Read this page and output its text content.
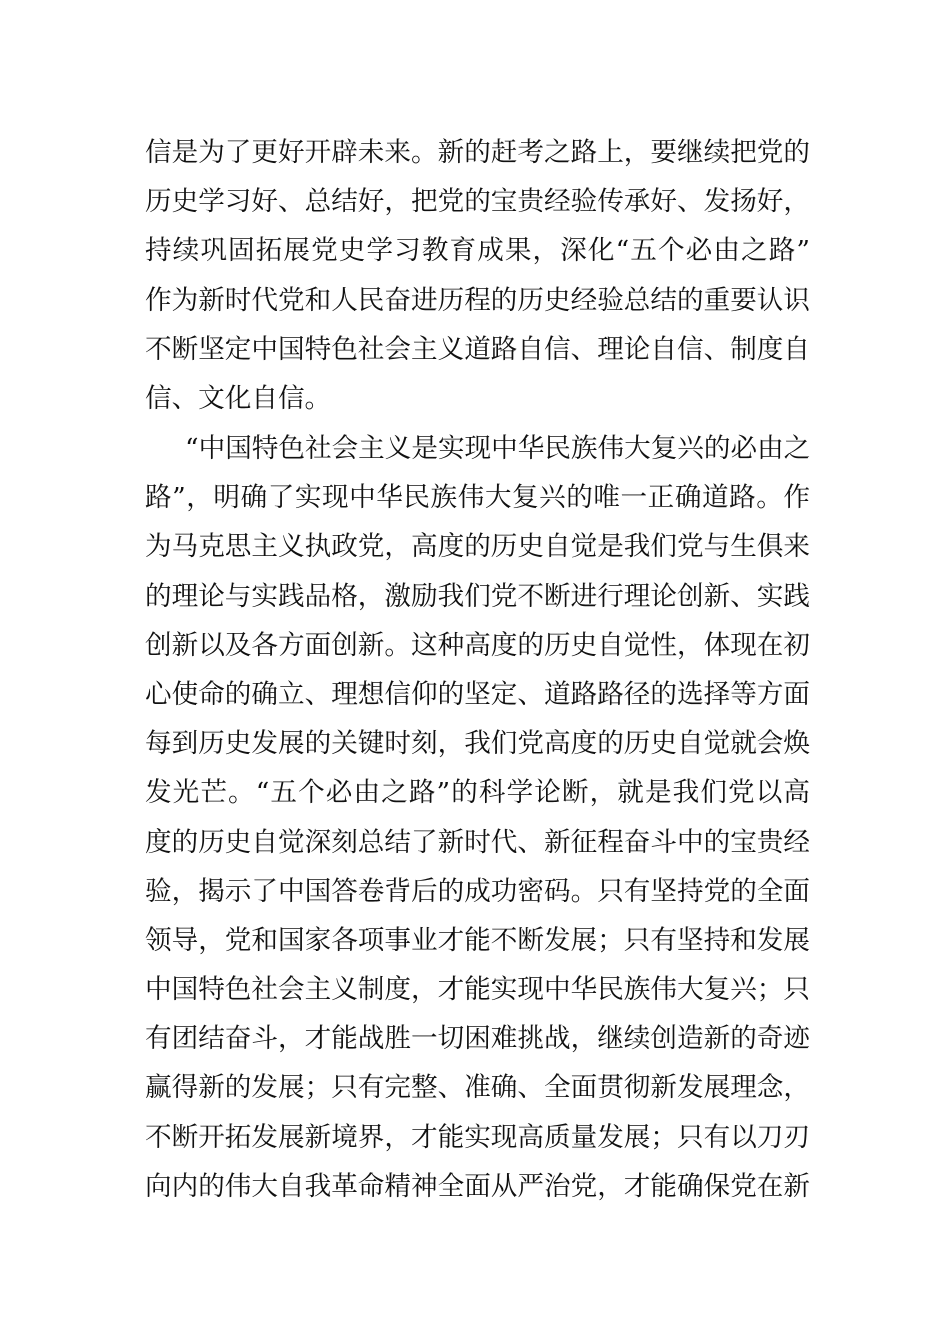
信是为了更好开辟未来。新的赶考之路上，要继续把党的
历史学习好、总结好，把党的宝贵经验传承好、发扬好，
持续巩固拓展党史学习教育成果，深化“五个必由之路”
作为新时代党和人民奋进历程的历史经验总结的重要认识
不断坚定中国特色社会主义道路自信、理论自信、制度自
信、文化自信。
“中国特色社会主义是实现中华民族伟大复兴的必由之
路”，明确了实现中华民族伟大复兴的唯一正确道路。作
为马克思主义执政党，高度的历史自觉是我们党与生俱来
的理论与实践品格，激励我们党不断进行理论创新、实践
创新以及各方面创新。这种高度的历史自觉性，体现在初
心使命的确立、理想信仰的坚定、道路路径的选择等方面
每到历史发展的关键时刻，我们党高度的历史自觉就会焕
发光芒。“五个必由之路”的科学论断，就是我们党以高
度的历史自觉深刻总结了新时代、新征程奋斗中的宝贵经
验，揭示了中国答卷背后的成功密码。只有坚持党的全面
领导，党和国家各项事业才能不断发展；只有坚持和发展
中国特色社会主义制度，才能实现中华民族伟大复兴；只
有团结奋斗，才能战胜一切困难挑战，继续创造新的奇迹
赢得新的发展；只有完整、准确、全面贯彻新发展理念，
不断开拓发展新境界，才能实现高质量发展；只有以刀刃
向内的伟大自我革命精神全面从严治党，才能确保党在新
